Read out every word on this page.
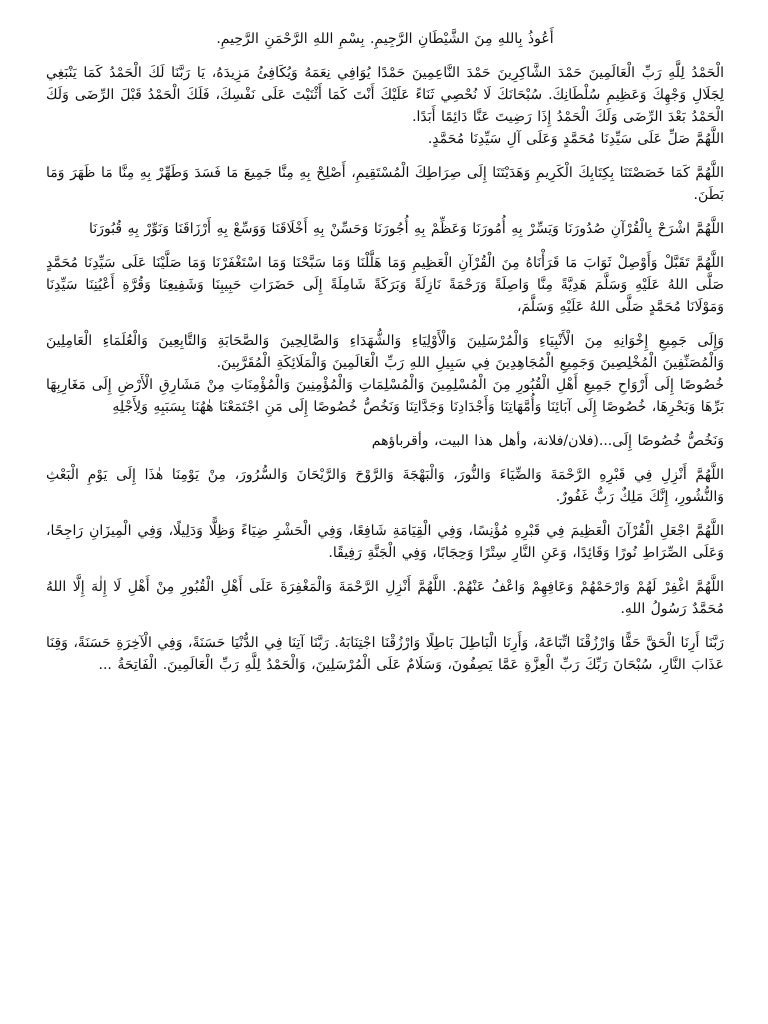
أَعُوذُ بِاللهِ مِنَ الشَّيْطَانِ الرَّجِيمِ. بِسْمِ اللهِ الرَّحْمَنِ الرَّحِيمِ.

الْحَمْدُ لِلَّهِ رَبِّ الْعَالَمِينَ حَمْدَ الشَّاكِرِينَ حَمْدَ النَّاعِمِينَ حَمْدًا يُوَافِي نِعَمَهُ وَيُكَافِئُ مَزِيدَهُ، يَا رَبَّنَا لَكَ الْحَمْدُ كَمَا يَنْبَغِي لِجَلَالِ وَجْهِكَ وَعَظِيمِ سُلْطَانِكَ. سُبْحَانَكَ لَا نُحْصِي ثَنَاءً عَلَيْكَ أَنْتَ كَمَا أَثْنَيْتَ عَلَى نَفْسِكَ، فَلَكَ الْحَمْدُ قَبْلَ الرِّضَى وَلَكَ الْحَمْدُ بَعْدَ الرِّضَى وَلَكَ الْحَمْدُ إِذَا رَضِيتَ عَنَّا دَائِمًا أَبَدًا.

اللَّهُمَّ صَلِّ عَلَى سَيِّدِنَا مُحَمَّدٍ وَعَلَى آلِ سَيِّدِنَا مُحَمَّدٍ.

اللَّهُمَّ كَمَا خَصَصْتَنَا بِكِتَابِكَ الْكَرِيمِ وَهَدَيْتَنَا إِلَى صِرَاطِكَ الْمُسْتَقِيمِ، أَصْلِحْ بِهِ مِنَّا جَمِيعَ مَا فَسَدَ وَطَهِّرْ بِهِ مِنَّا مَا ظَهَرَ وَمَا بَطَنَ.

اللَّهُمَّ اشْرَحْ بِالْقُرْآنِ صُدُورَنَا وَيَسِّرْ بِهِ أُمُورَنَا وَعَظِّمْ بِهِ أُجُورَنَا وَحَسِّنْ بِهِ أَخْلَاقَنَا وَوَسِّعْ بِهِ أَرْزَاقَنَا وَنَوِّرْ بِهِ قُبُورَنَا

اللَّهُمَّ تَقَبَّلْ وَأَوْصِلْ ثَوَابَ مَا قَرَأْنَاهُ مِنَ الْقُرْآنِ الْعَظِيمِ وَمَا هَلَّلْنَا وَمَا سَبَّحْنَا وَمَا اسْتَغْفَرْنَا وَمَا صَلَّيْنَا عَلَى سَيِّدِنَا مُحَمَّدٍ صَلَّى اللهُ عَلَيْهِ وَسَلَّمَ هَدِيَّةً مِنَّا وَاصِلَةً وَرَحْمَةً نَازِلَةً وَبَرَكَةً شَامِلَةً إِلَى حَضَرَاتِ حَبِيبِنَا وَشَفِيعِنَا وَقُرَّةِ أَعْيُنِنَا سَيِّدِنَا وَمَوْلَانَا مُحَمَّدٍ صَلَّى اللهُ عَلَيْهِ وَسَلَّمَ،

وَإِلَى جَمِيعِ إِخْوَانِهِ مِنَ الْأَنْبِيَاءِ وَالْمُرْسَلِينَ وَالْأَوْلِيَاءِ وَالشُّهَدَاءِ وَالصَّالِحِينَ وَالصَّحَابَةِ وَالتَّابِعِينَ وَالْعُلَمَاءِ الْعَامِلِينَ وَالْمُصَنِّفِينَ الْمُخْلِصِينَ وَجَمِيعِ الْمُجَاهِدِينَ فِي سَبِيلِ اللهِ رَبِّ الْعَالَمِينَ وَالْمَلَائِكَةِ الْمُقَرَّبِينَ.

خُصُوصًا إِلَى أَرْوَاحِ جَمِيعِ أَهْلِ الْقُبُورِ مِنَ الْمُسْلِمِينَ وَالْمُسْلِمَاتِ وَالْمُؤْمِنِينَ وَالْمُؤْمِنَاتِ مِنْ مَشَارِقِ الْأَرْضِ إِلَى مَغَارِبِهَا بَرِّهَا وَبَحْرِهَا، خُصُوصًا إِلَى آبَائِنَا وَأُمَّهَاتِنَا وَأَجْدَادِنَا وَجَدَّاتِنَا وَنَخُصُّ خُصُوصًا إِلَى مَنِ اجْتَمَعْنَا هٰهُنَا بِسَبَبِهِ وَلِأَجْلِهِ

وَنَخُصُّ خُصُوصًا إِلَى...(فلان/فلانة، وأهل هذا البيت، وأقرباؤهم

اللَّهُمَّ أَنْزِلِ فِي قَبْرِهِ الرَّحْمَةَ وَالضِّيَاءَ وَالنُّورَ، وَالْبَهْجَةَ وَالرَّوْحَ وَالرَّيْحَانَ وَالسُّرُورَ، مِنْ يَوْمِنَا هٰذَا إِلَى يَوْمِ الْبَعْثِ وَالنُّشُورِ، إِنَّكَ مَلِكٌ رَبٌّ غَفُورٌ.

اللَّهُمَّ اجْعَلِ الْقُرْآنَ الْعَظِيمَ فِي قَبْرِهِ مُؤْنِسًا، وَفِي الْقِيَامَةِ شَافِعًا، وَفِي الْحَشْرِ ضِيَاءً وَظِلًّا وَدَلِيلًا، وَفِي الْمِيزَانِ رَاجِحًا، وَعَلَى الصِّرَاطِ نُورًا وَقَائِدًا، وَعَنِ النَّارِ سِتْرًا وَحِجَابًا، وَفِي الْجَنَّةِ رَفِيقًا.

اللَّهُمَّ اغْفِرْ لَهُمْ وَارْحَمْهُمْ وَعَافِهِمْ وَاعْفُ عَنْهُمْ. اللَّهُمَّ أَنْزِلِ الرَّحْمَةَ وَالْمَغْفِرَةَ عَلَى أَهْلِ الْقُبُورِ مِنْ أَهْلِ لَا إِلٰهَ إِلَّا اللهُ مُحَمَّدٌ رَسُولُ اللهِ.

رَبَّنَا أَرِنَا الْحَقَّ حَقًّا وَارْزُقْنَا اتِّبَاعَهُ، وَأَرِنَا الْبَاطِلَ بَاطِلًا وَارْزُقْنَا اجْتِنَابَهُ. رَبَّنَا آتِنَا فِي الدُّنْيَا حَسَنَةً، وَفِي الْآخِرَةِ حَسَنَةً، وَقِنَا عَذَابَ النَّارِ، سُبْحَانَ رَبِّكَ رَبِّ الْعِزَّةِ عَمَّا يَصِفُونَ، وَسَلَامٌ عَلَى الْمُرْسَلِينَ، وَالْحَمْدُ لِلَّهِ رَبِّ الْعَالَمِينَ. الْفَاتِحَةُ ...
